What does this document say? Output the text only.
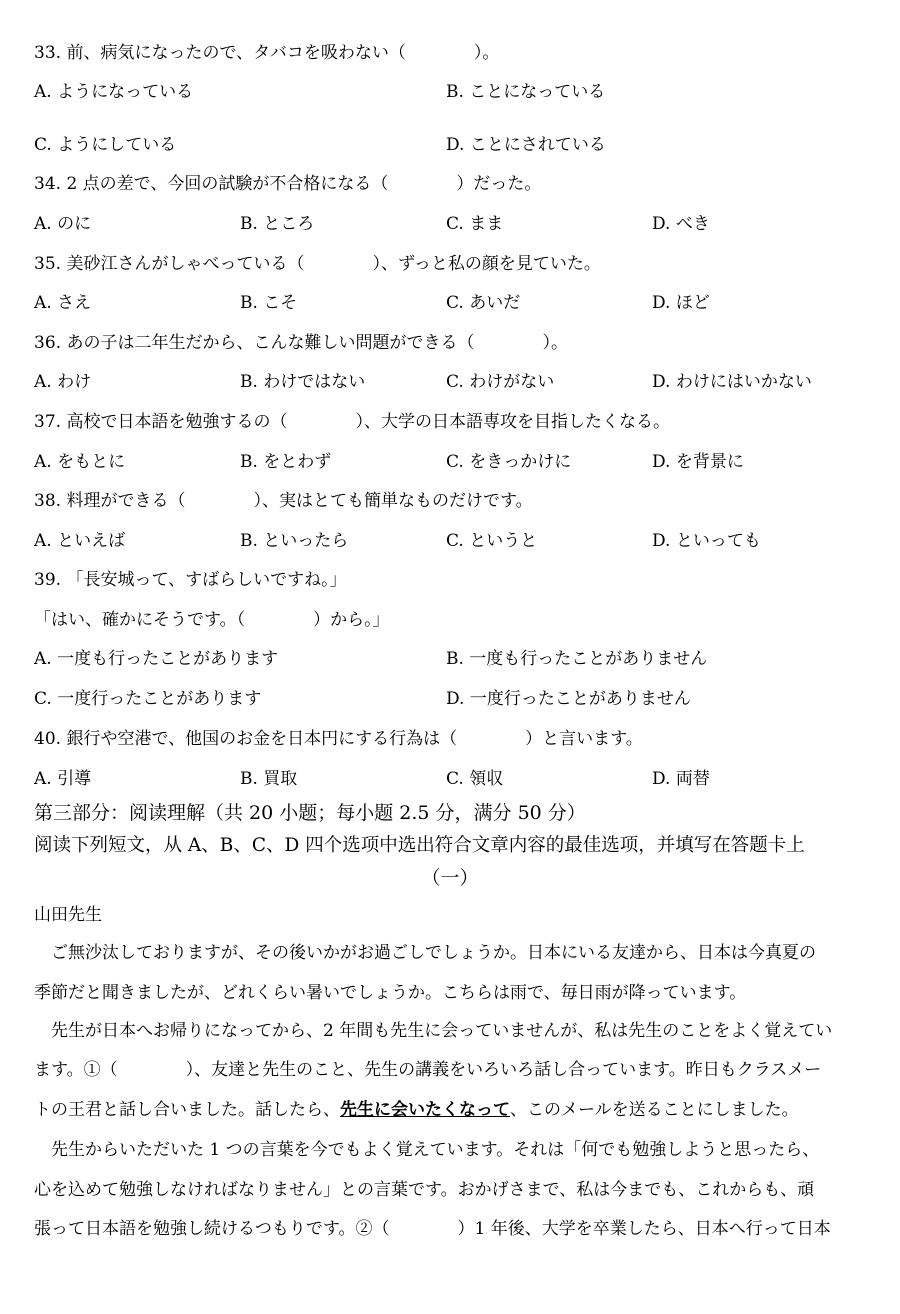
33. 前、病気になったので、タバコを吸わない（　　　　）。
A. ようになっている	B. ことになっている
C. ようにしている	D. ことにされている
34. 2 点の差で、今回の試験が不合格になる（　　　　）だった。
A. のに	B. ところ	C. まま	D. べき
35. 美砂江さんがしゃべっている（　　　　）、ずっと私の顔を見ていた。
A. さえ	B. こそ	C. あいだ	D. ほど
36. あの子は二年生だから、こんな難しい問題ができる（　　　　）。
A. わけ	B. わけではない	C. わけがない	D. わけにはいかない
37. 高校で日本語を勉強するの（　　　　）、大学の日本語専攻を目指したくなる。
A. をもとに	B. をとわず	C. をきっかけに	D. を背景に
38. 料理ができる（　　　　）、実はとても簡単なものだけです。
A. といえば	B. といったら	C. というと	D. といっても
39. 「長安城って、すばらしいですね。」
「はい、確かにそうです。（　　　　）から。」
A. 一度も行ったことがあります	B. 一度も行ったことがありません
C. 一度行ったことがあります	D. 一度行ったことがありません
40. 銀行や空港で、他国のお金を日本円にする行為は（　　　　）と言います。
A. 引導	B. 買取	C. 領収	D. 両替
第三部分：阅读理解（共 20 小题；每小题 2.5 分，满分 50 分）
阅读下列短文，从 A、B、C、D 四个选项中选出符合文章内容的最佳选项，并填写在答题卡上
（一）
山田先生
　ご無沙汰しておりますが、その後いかがお過ごしでしょうか。日本にいる友達から、日本は今真夏の
季節だと聞きましたが、どれくらい暑いでしょうか。こちらは雨で、毎日雨が降っています。
　先生が日本へお帰りになってから、2 年間も先生に会っていませんが、私は先生のことをよく覚えてい
ます。①（　　　　）、友達と先生のこと、先生の講義をいろいろ話し合っています。昨日もクラスメー
トの王君と話し合いました。話したら、先生に会いたくなって、このメールを送ることにしました。
　先生からいただいた 1 つの言葉を今でもよく覚えています。それは「何でも勉強しようと思ったら、
心を込めて勉強しなければなりません」との言葉です。おかげさまで、私は今までも、これからも、頑
張って日本語を勉強し続けるつもりです。②（　　　　）1 年後、大学を卒業したら、日本へ行って日本
